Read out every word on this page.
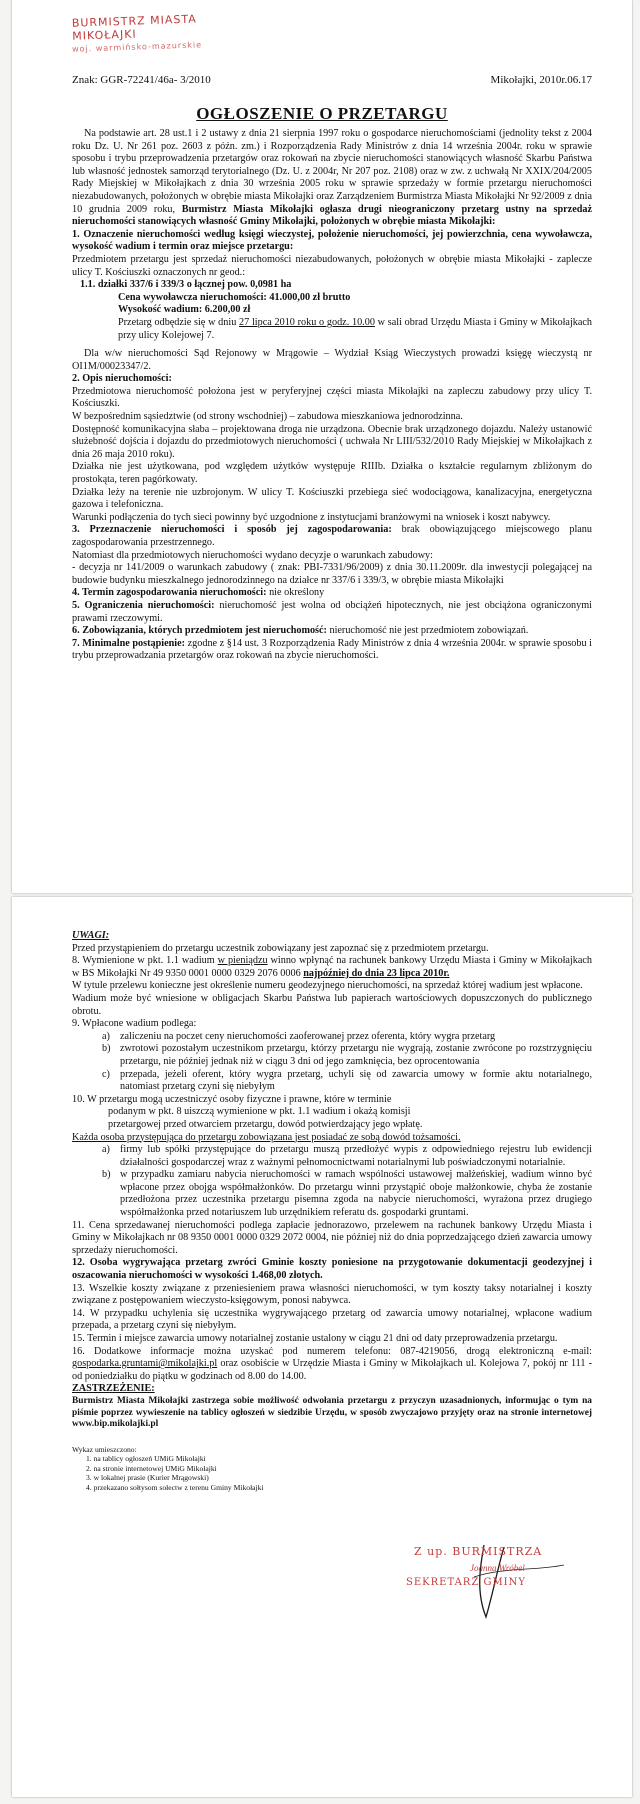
BURMISTRZ MIASTA MIKOŁAJKI
woj. warmińsko-mazurskie
Znak: GGR-72241/46a- 3/2010	Mikołajki, 2010r.06.17
OGŁOSZENIE O PRZETARGU

Na podstawie art. 28 ust.1 i 2 ustawy z dnia 21 sierpnia 1997 roku o gospodarce nieruchomościami (jednolity tekst z 2004 roku Dz. U. Nr 261 poz. 2603 z późn. zm.) i Rozporządzenia Rady Ministrów z dnia 14 września 2004r. roku w sprawie sposobu i trybu przeprowadzenia przetargów oraz rokowań na zbycie nieruchomości stanowiących własność Skarbu Państwa lub własność jednostek samorząd terytorialnego (Dz. U. z 2004r, Nr 207 poz. 2108) oraz w zw. z uchwałą Nr XXIX/204/2005 Rady Miejskiej w Mikołajkach z dnia 30 września 2005 roku w sprawie sprzedaży w formie przetargu nieruchomości niezabudowanych, położonych w obrębie miasta Mikołajki oraz Zarządzeniem Burmistrza Miasta Mikołajki Nr 92/2009 z dnia 10 grudnia 2009 roku, Burmistrz Miasta Mikołajki ogłasza drugi nieograniczony przetarg ustny na sprzedaż nieruchomości stanowiących własność Gminy Mikołajki, położonych w obrębie miasta Mikołajki:

1. Oznaczenie nieruchomości według księgi wieczystej, położenie nieruchomości, jej powierzchnia, cena wywoławcza, wysokość wadium i termin oraz miejsce przetargu:

Przedmiotem przetargu jest sprzedaż nieruchomości niezabudowanych, położonych w obrębie miasta Mikołajki - zaplecze ulicy T. Kościuszki oznaczonych nr geod.:

1.1. działki 337/6 i 339/3 o łącznej pow. 0,0981 ha

Cena wywoławcza nieruchomości: 41.000,00 zł brutto

Wysokość wadium: 6.200,00 zł

Przetarg odbędzie się w dniu 27 lipca 2010 roku o godz. 10.00 w sali obrad Urzędu Miasta i Gminy w Mikołajkach przy ulicy Kolejowej 7.

Dla w/w nieruchomości Sąd Rejonowy w Mrągowie – Wydział Ksiąg Wieczystych prowadzi księgę wieczystą nr OI1M/00023347/2.

2. Opis nieruchomości:

Przedmiotowa nieruchomość położona jest w peryferyjnej części miasta Mikołajki na zapleczu zabudowy przy ulicy T. Kościuszki.

W bezpośrednim sąsiedztwie (od strony wschodniej) – zabudowa mieszkaniowa jednorodzinna.

Dostępność komunikacyjna słaba – projektowana droga nie urządzona. Obecnie brak urządzonego dojazdu. Należy ustanowić służebność dojścia i dojazdu do przedmiotowych nieruchomości ( uchwała Nr LIII/532/2010 Rady Miejskiej w Mikołajkach z dnia 26 maja 2010 roku).

Działka nie jest użytkowana, pod względem użytków występuje RIIIb. Działka o kształcie regularnym zbliżonym do prostokąta, teren pagórkowaty.

Działka leży na terenie nie uzbrojonym. W ulicy T. Kościuszki przebiega sieć wodociągowa, kanalizacyjna, energetyczna gazowa i telefoniczna.

Warunki podłączenia do tych sieci powinny być uzgodnione z instytucjami branżowymi na wniosek i koszt nabywcy.

3. Przeznaczenie nieruchomości i sposób jej zagospodarowania: brak obowiązującego miejscowego planu zagospodarowania przestrzennego.

Natomiast dla przedmiotowych nieruchomości wydano decyzje o warunkach zabudowy:

- decyzja nr 141/2009 o warunkach zabudowy ( znak: PBI-7331/96/2009) z dnia 30.11.2009r. dla inwestycji polegającej na budowie budynku mieszkalnego jednorodzinnego na działce nr 337/6 i 339/3, w obrębie miasta Mikołajki

4. Termin zagospodarowania nieruchomości: nie określony

5. Ograniczenia nieruchomości: nieruchomość jest wolna od obciążeń hipotecznych, nie jest obciążona ograniczonymi prawami rzeczowymi.

6. Zobowiązania, których przedmiotem jest nieruchomość: nieruchomość nie jest przedmiotem zobowiązań.

7. Minimalne postąpienie: zgodne z §14 ust. 3 Rozporządzenia Rady Ministrów z dnia 4 września 2004r. w sprawie sposobu i trybu przeprowadzania przetargów oraz rokowań na zbycie nieruchomości.

UWAGI:

Przed przystąpieniem do przetargu uczestnik zobowiązany jest zapoznać się z przedmiotem przetargu.

8. Wymienione w pkt. 1.1 wadium w pieniądzu winno wpłynąć na rachunek bankowy Urzędu Miasta i Gminy w Mikołajkach w BS Mikołajki Nr 49 9350 0001 0000 0329 2076 0006 najpóźniej do dnia 23 lipca 2010r.

W tytule przelewu konieczne jest określenie numeru geodezyjnego nieruchomości, na sprzedaż której wadium jest wpłacone.

Wadium może być wniesione w obligacjach Skarbu Państwa lub papierach wartościowych dopuszczonych do publicznego obrotu.

9. Wpłacone wadium podlega:

a) zaliczeniu na poczet ceny nieruchomości zaoferowanej przez oferenta, który wygra przetarg
b) zwrotowi pozostałym uczestnikom przetargu, którzy przetargu nie wygrają, zostanie zwrócone po rozstrzygnięciu przetargu, nie później jednak niż w ciągu 3 dni od jego zamknięcia, bez oprocentowania
c) przepada, jeżeli oferent, który wygra przetarg, uchyli się od zawarcia umowy w formie aktu notarialnego, natomiast przetarg czyni się niebyłym

10. W przetargu mogą uczestniczyć osoby fizyczne i prawne, które w terminie

podanym w pkt. 8 uiszczą wymienione w pkt. 1.1 wadium i okażą komisji

przetargowej przed otwarciem przetargu, dowód potwierdzający jego wpłatę.

Każda osoba przystępująca do przetargu zobowiązana jest posiadać ze sobą dowód tożsamości.

a) firmy lub spółki przystępujące do przetargu muszą przedłożyć wypis z odpowiedniego rejestru lub ewidencji działalności gospodarczej wraz z ważnymi pełnomocnictwami notarialnymi lub poświadczonymi notarialnie.
b) w przypadku zamiaru nabycia nieruchomości w ramach wspólności ustawowej małżeńskiej, wadium winno być wpłacone przez obojga współmałżonków. Do przetargu winni przystąpić oboje małżonkowie, chyba że zostanie przedłożona przez uczestnika przetargu pisemna zgoda na nabycie nieruchomości, wyrażona przez drugiego współmałżonka przed notariuszem lub urzędnikiem referatu ds. gospodarki gruntami.

11. Cena sprzedawanej nieruchomości podlega zapłacie jednorazowo, przelewem na rachunek bankowy Urzędu Miasta i Gminy w Mikołajkach nr 08 9350 0001 0000 0329 2072 0004, nie później niż do dnia poprzedzającego dzień zawarcia umowy sprzedaży nieruchomości.

12. Osoba wygrywająca przetarg zwróci Gminie koszty poniesione na przygotowanie dokumentacji geodezyjnej i oszacowania nieruchomości w wysokości 1.468,00 złotych.

13. Wszelkie koszty związane z przeniesieniem prawa własności nieruchomości, w tym koszty taksy notarialnej i koszty związane z postępowaniem wieczysto-księgowym, ponosi nabywca.

14. W przypadku uchylenia się uczestnika wygrywającego przetarg od zawarcia umowy notarialnej, wpłacone wadium przepada, a przetarg czyni się niebyłym.

15. Termin i miejsce zawarcia umowy notarialnej zostanie ustalony w ciągu 21 dni od daty przeprowadzenia przetargu.

16. Dodatkowe informacje można uzyskać pod numerem telefonu: 087-4219056, drogą elektroniczną e-mail: gospodarka.gruntami@mikolajki.pl oraz osobiście w Urzędzie Miasta i Gminy w Mikołajkach ul. Kolejowa 7, pokój nr 111 - od poniedziałku do piątku w godzinach od 8.00 do 14.00.

ZASTRZEŻENIE:

Burmistrz Miasta Mikołajki zastrzega sobie możliwość odwołania przetargu z przyczyn uzasadnionych, informując o tym na piśmie poprzez wywieszenie na tablicy ogłoszeń w siedzibie Urzędu, w sposób zwyczajowo przyjęty oraz na stronie internetowej www.bip.mikolajki.pl

Wykaz umieszczono:

1. na tablicy ogłoszeń UMiG Mikołajki

2. na stronie internetowej UMiG Mikołajki

3. w lokalnej prasie (Kurier Mrągowski)

4. przekazano sołtysom sołectw z terenu Gminy Mikołajki

Z up. BURMISTRZA
Joanna Wróbel
SEKRETARZ GMINY
